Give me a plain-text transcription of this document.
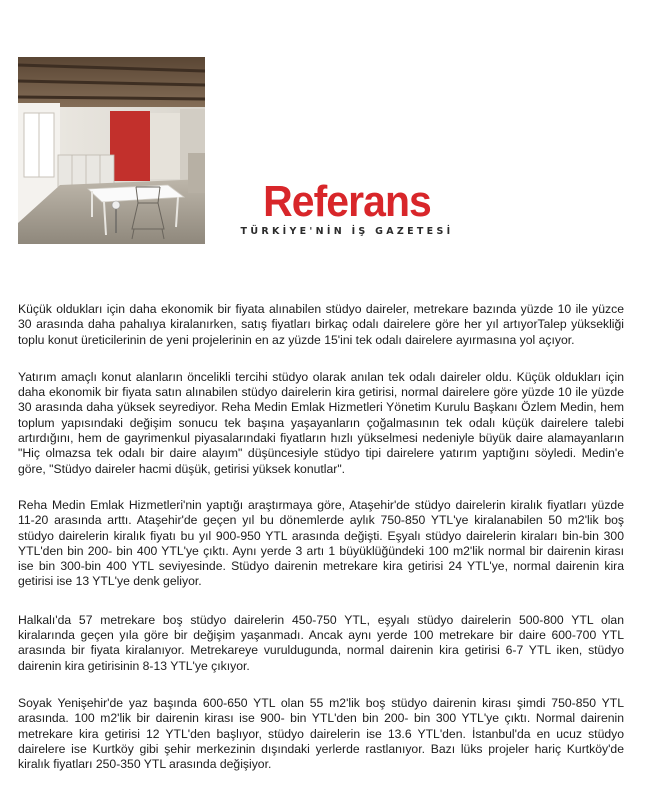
Referans
TÜRKİYE'NİN İŞ GAZETESİ

Küçük oldukları için daha ekonomik bir fiyata alınabilen stüdyo daireler, metrekare bazında yüzde 10 ile yüzce 30 arasında daha pahalıya kiralanırken, satış fiyatları birkaç odalı dairelere göre her yıl artıyorTalep yüksekliği toplu konut üreticilerinin de yeni projelerinin en az yüzde 15'ini tek odalı dairelere ayırmasına yol açıyor.

Yatırım amaçlı konut alanların öncelikli tercihi stüdyo olarak anılan tek odalı daireler oldu. Küçük oldukları için daha ekonomik bir fiyata satın alınabilen stüdyo dairelerin kira getirisi, normal dairelere göre yüzde 10 ile yüzde 30 arasında daha yüksek seyrediyor. Reha Medin Emlak Hizmetleri Yönetim Kurulu Başkanı Özlem Medin, hem toplum yapısındaki değişim sonucu tek başına yaşayanların çoğalmasının tek odalı küçük dairelere talebi artırdığını, hem de gayrimenkul piyasalarındaki fiyatların hızlı yükselmesi nedeniyle büyük daire alamayanların "Hiç olmazsa tek odalı bir daire alayım" düşüncesiyle stüdyo tipi dairelere yatırım yaptığını söyledi. Medin'e göre, "Stüdyo daireler hacmi düşük, getirisi yüksek konutlar".

Reha Medin Emlak Hizmetleri'nin yaptığı araştırmaya göre, Ataşehir'de stüdyo dairelerin kiralık fiyatları yüzde 11-20 arasında arttı. Ataşehir'de geçen yıl bu dönemlerde aylık 750-850 YTL'ye kiralanabilen 50 m2'lik boş stüdyo dairelerin kiralık fiyatı bu yıl 900-950 YTL arasında değişti. Eşyalı stüdyo dairelerin kiraları bin-bin 300 YTL'den bin 200- bin 400 YTL'ye çıktı. Aynı yerde 3 artı 1 büyüklüğündeki 100 m2'lik normal bir dairenin kirası ise bin 300-bin 400 YTL seviyesinde. Stüdyo dairenin metrekare kira getirisi 24 YTL'ye, normal dairenin kira getirisi ise 13 YTL'ye denk geliyor.

Halkalı'da 57 metrekare boş stüdyo dairelerin 450-750 YTL, eşyalı stüdyo dairelerin 500-800 YTL olan kiralarında geçen yıla göre bir değişim yaşanmadı. Ancak aynı yerde 100 metrekare bir daire 600-700 YTL arasında bir fiyata kiralanıyor. Metrekareye vuruldugunda, normal dairenin kira getirisi 6-7 YTL iken, stüdyo dairenin kira getirisinin 8-13 YTL'ye çıkıyor.

Soyak Yenişehir'de yaz başında 600-650 YTL olan 55 m2'lik boş stüdyo dairenin kirası şimdi 750-850 YTL arasında. 100 m2'lik bir dairenin kirası ise 900- bin YTL'den bin 200- bin 300 YTL'ye çıktı. Normal dairenin metrekare kira getirisi 12 YTL'den başlıyor, stüdyo dairelerin ise 13.6 YTL'den. İstanbul'da en ucuz stüdyo dairelere ise Kurtköy gibi şehir merkezinin dışındaki yerlerde rastlanıyor. Bazı lüks projeler hariç Kurtköy'de kiralık fiyatları 250-350 YTL arasında değişiyor.
